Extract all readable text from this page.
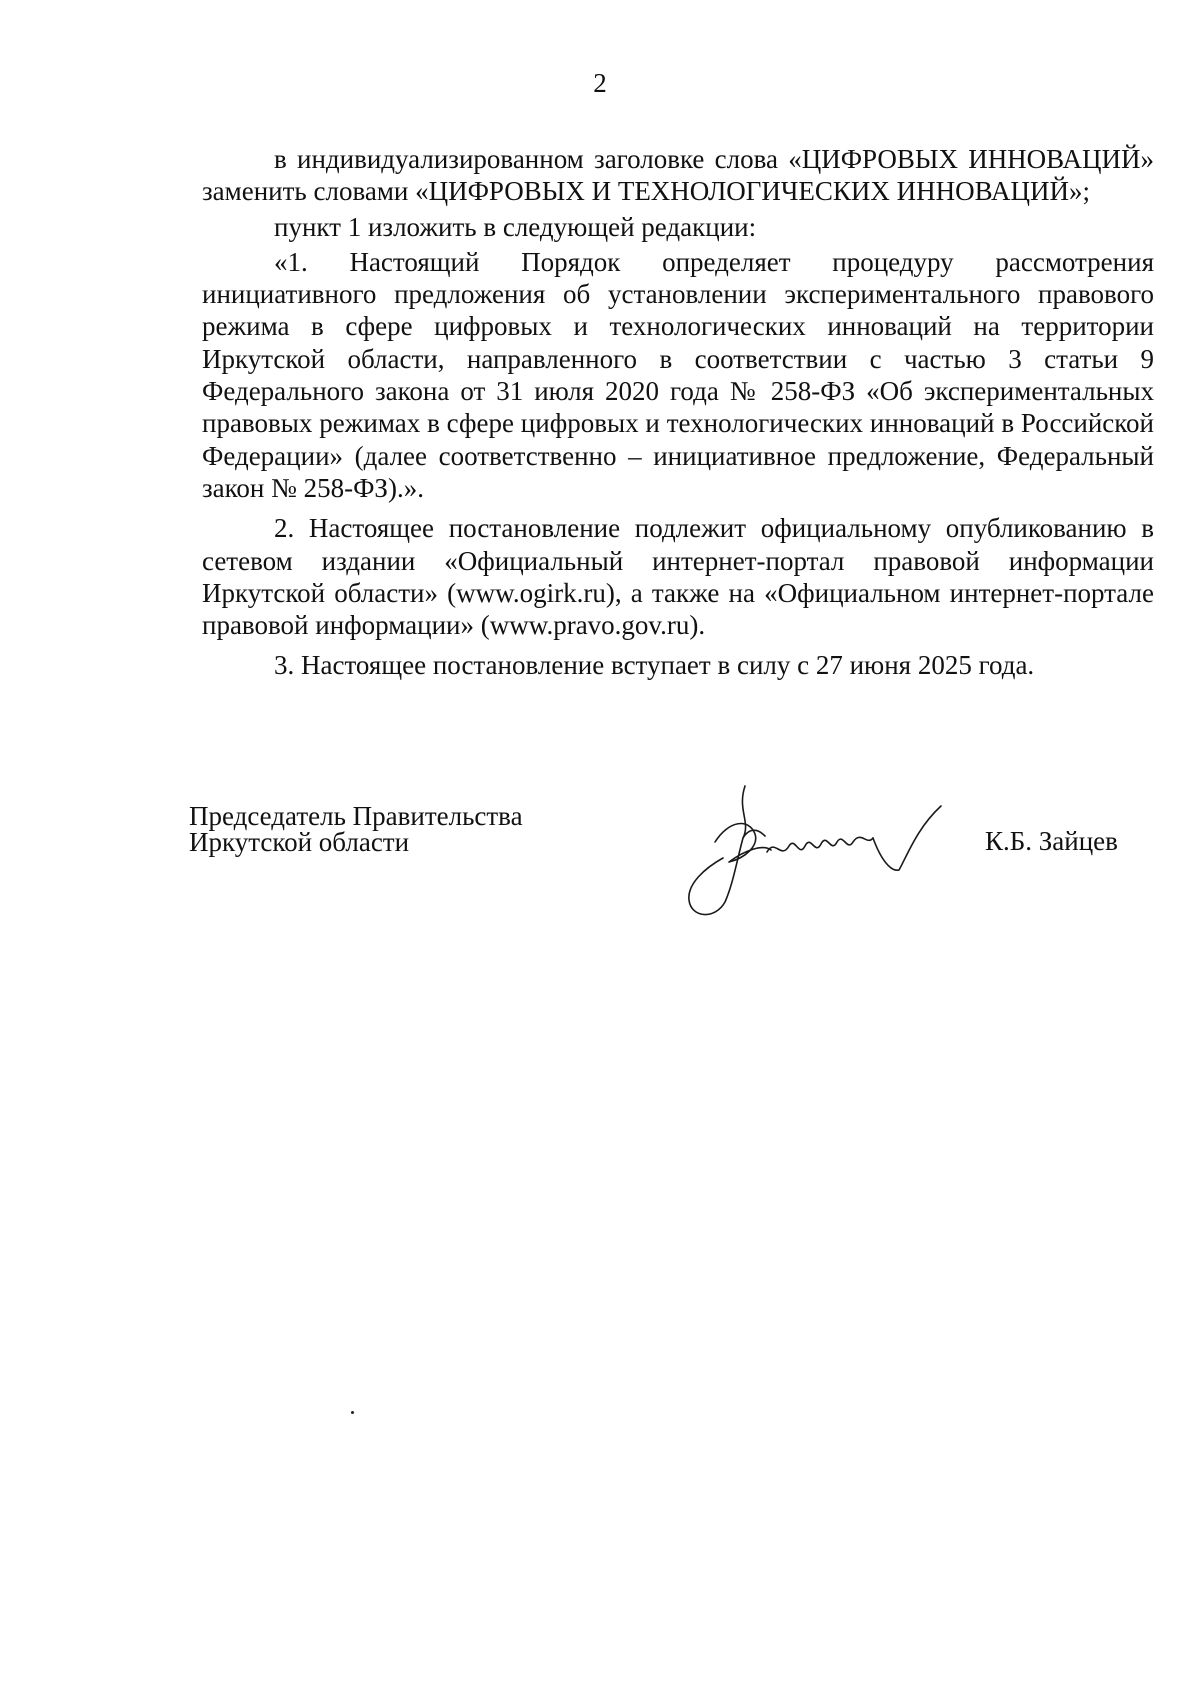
2

в индивидуализированном заголовке слова «ЦИФРОВЫХ ИННОВАЦИЙ» заменить словами «ЦИФРОВЫХ И ТЕХНОЛОГИЧЕСКИХ ИННОВАЦИЙ»;

пункт 1 изложить в следующей редакции:

«1. Настоящий Порядок определяет процедуру рассмотрения инициативного предложения об установлении экспериментального правового режима в сфере цифровых и технологических инноваций на территории Иркутской области, направленного в соответствии с частью 3 статьи 9 Федерального закона от 31 июля 2020 года № 258-ФЗ «Об экспериментальных правовых режимах в сфере цифровых и технологических инноваций в Российской Федерации» (далее соответственно – инициативное предложение, Федеральный закон № 258-ФЗ).».

2. Настоящее постановление подлежит официальному опубликованию в сетевом издании «Официальный интернет-портал правовой информации Иркутской области» (www.ogirk.ru), а также на «Официальном интернет-портале правовой информации» (www.pravo.gov.ru).

3. Настоящее постановление вступает в силу с 27 июня 2025 года.

Председатель Правительства
Иркутской области	К.Б. Зайцев
